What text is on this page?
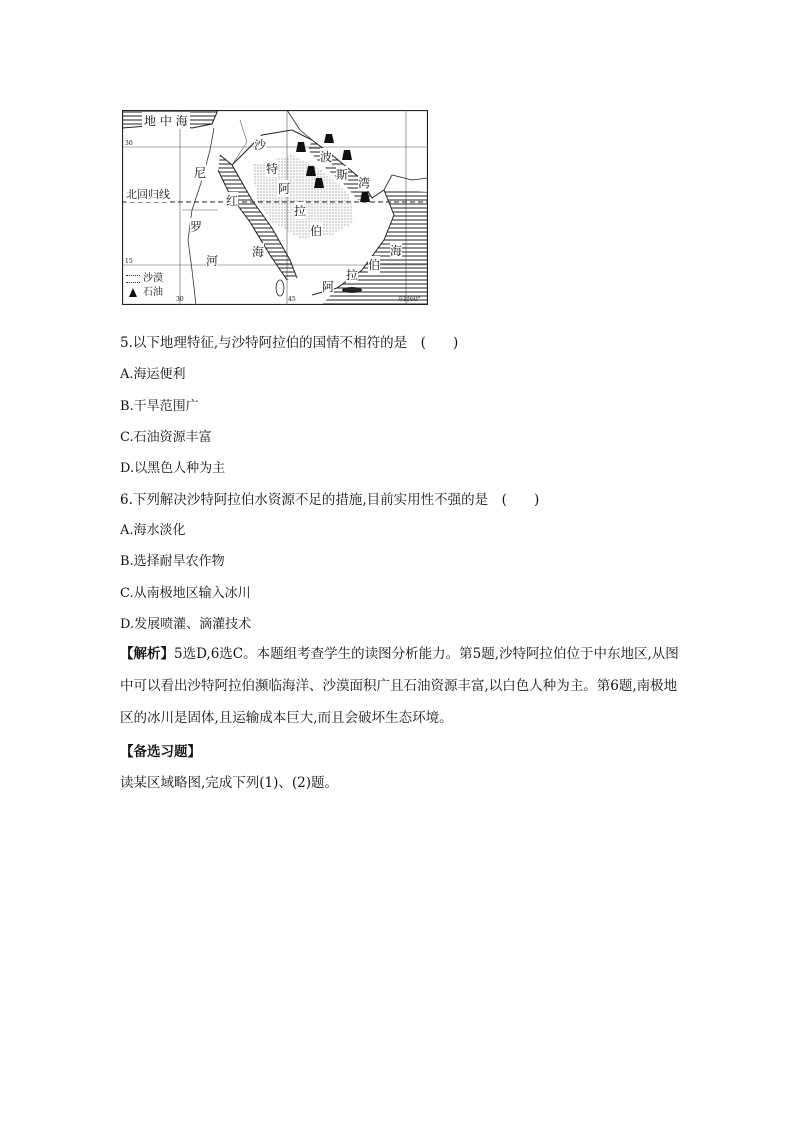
地 中 海
30
15
30	45
北回归线
尼
罗
河
红
海
沙
特
阿
拉
伯
波
斯
湾
海
伯
拉
阿
东经60°
沙漠
石油
5.以下地理特征,与沙特阿拉伯的国情不相符的是　(　　)
A.海运便利
B.干旱范围广
C.石油资源丰富
D.以黑色人种为主
6.下列解决沙特阿拉伯水资源不足的措施,目前实用性不强的是　(　　)
A.海水淡化
B.选择耐旱农作物
C.从南极地区输入冰川
D.发展喷灌、滴灌技术
【解析】5选D,6选C。本题组考查学生的读图分析能力。第5题,沙特阿拉伯位于中东地区,从图中可以看出沙特阿拉伯濒临海洋、沙漠面积广且石油资源丰富,以白色人种为主。第6题,南极地区的冰川是固体,且运输成本巨大,而且会破坏生态环境。
【备选习题】
读某区域略图,完成下列(1)、(2)题。
